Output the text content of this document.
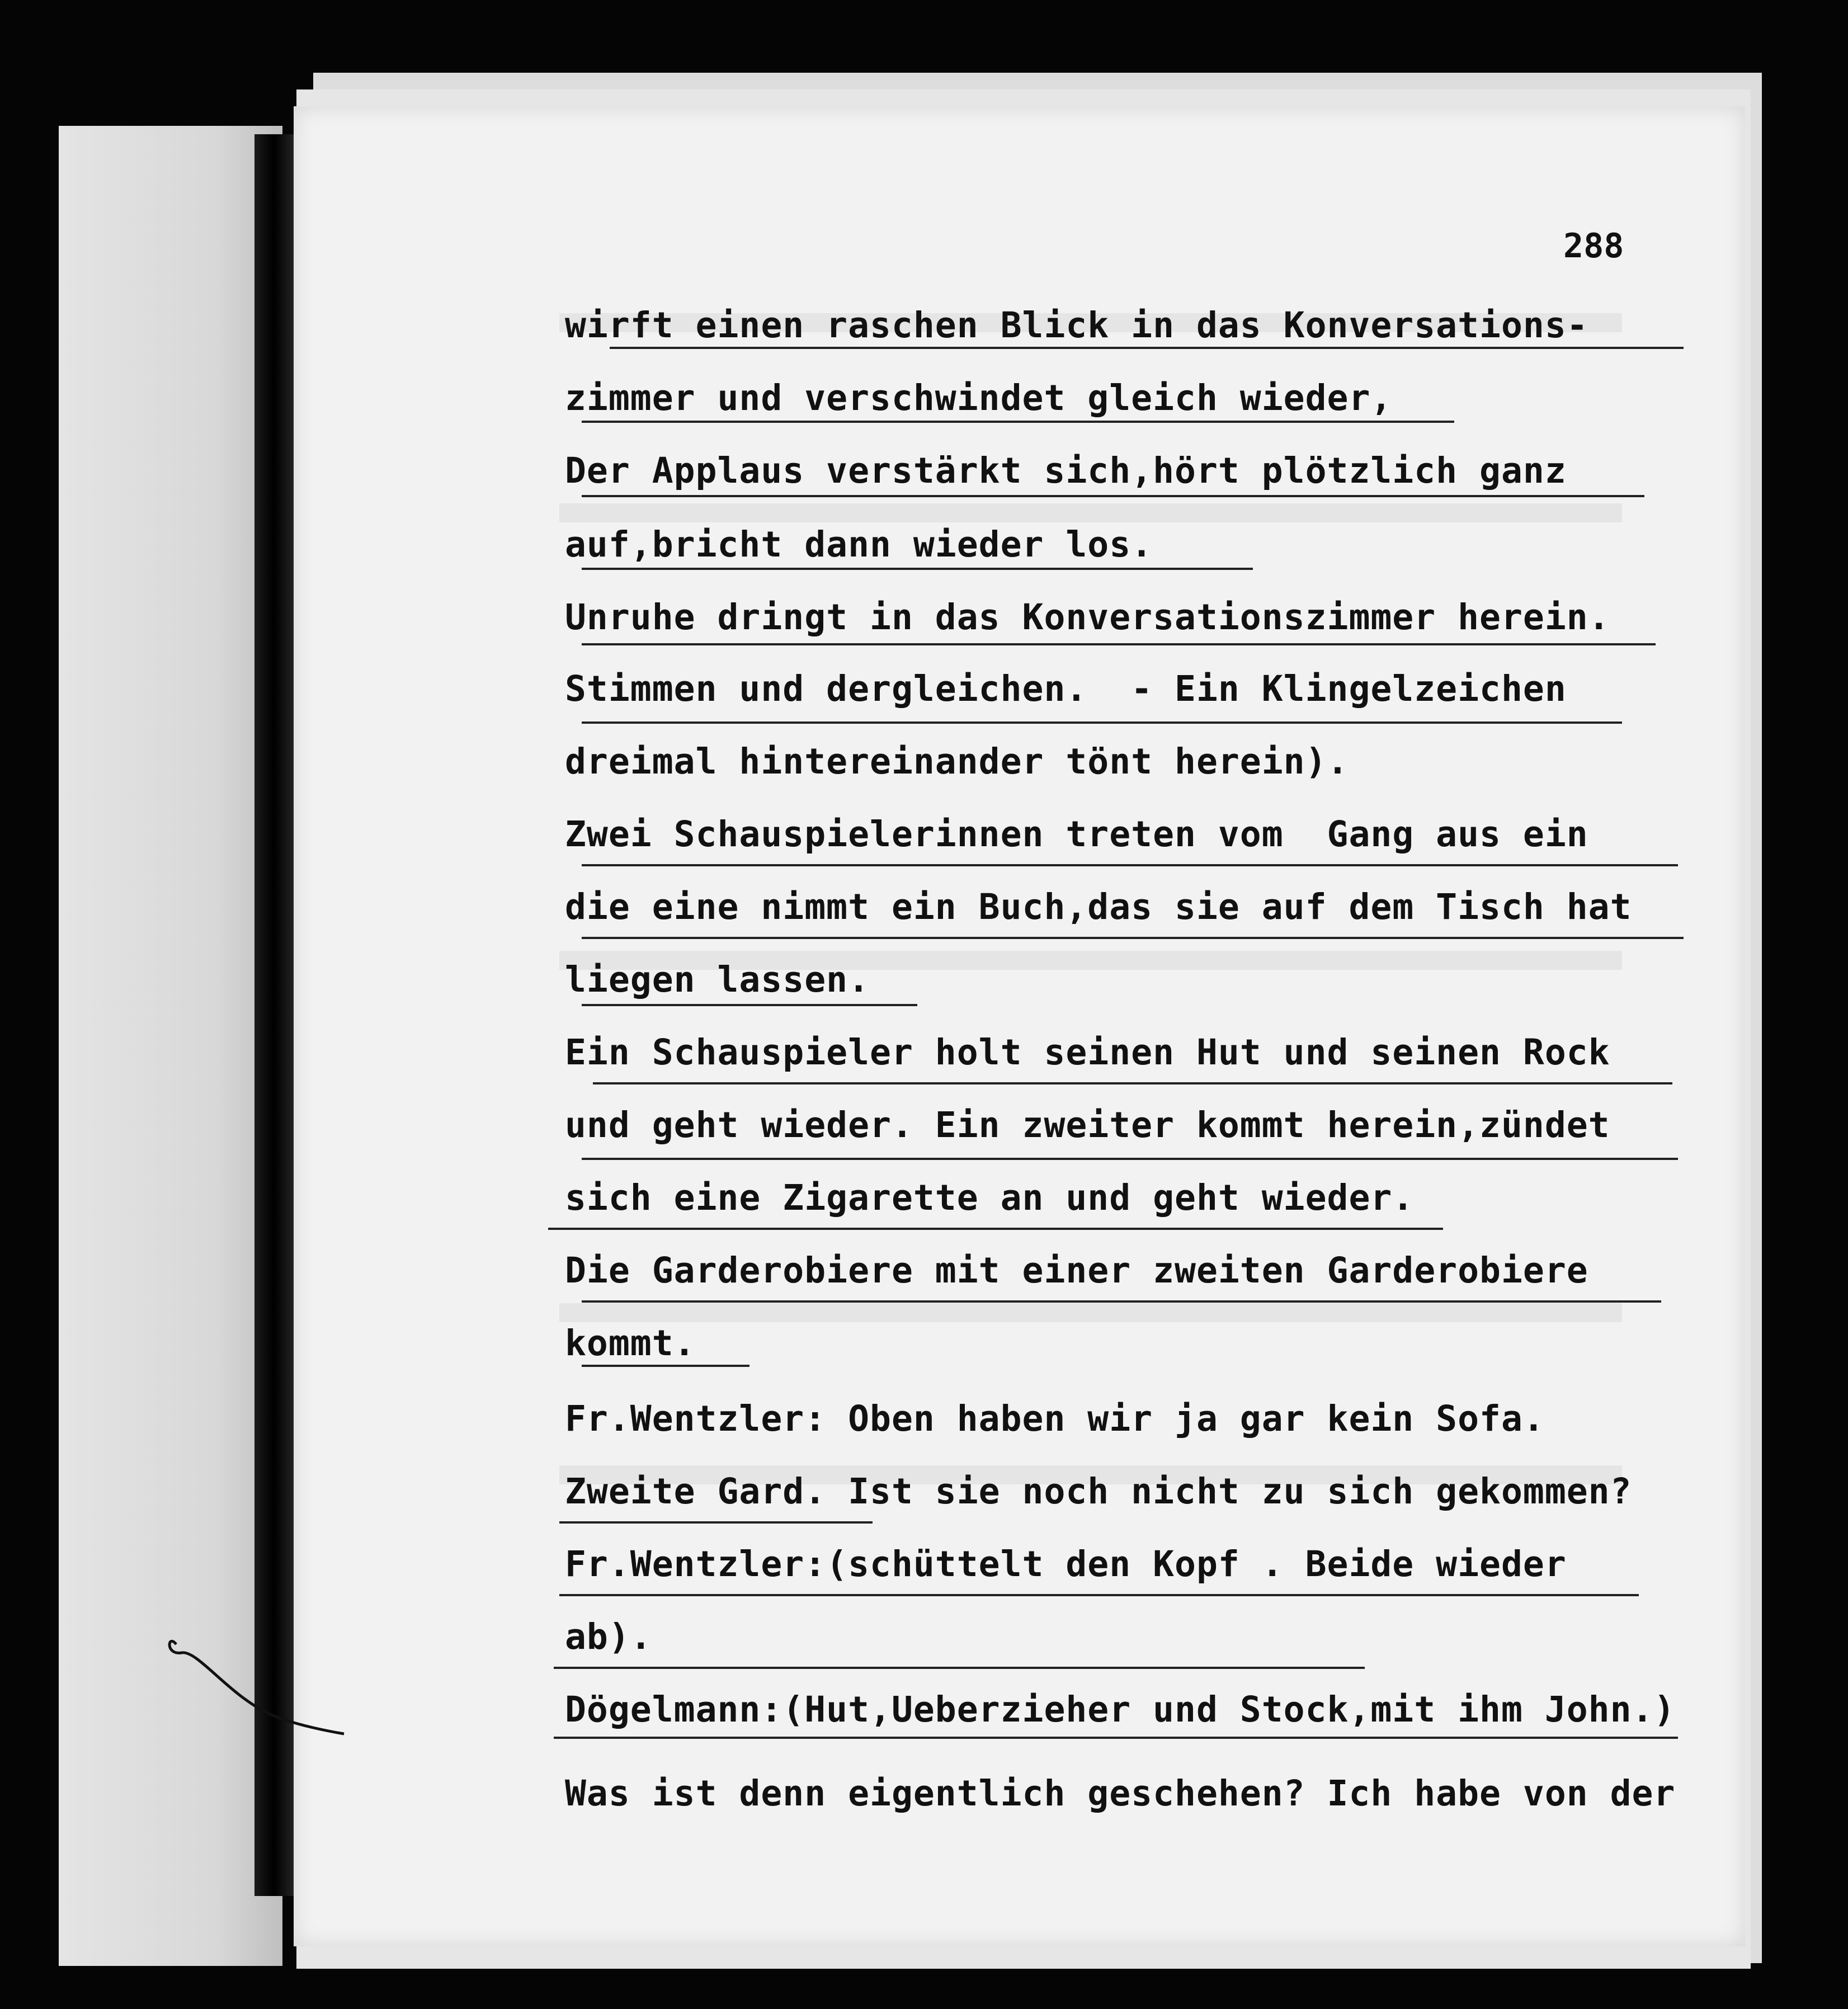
288
wirft einen raschen Blick in das Konversations-
zimmer und verschwindet gleich wieder,
Der Applaus verstärkt sich,hört plötzlich ganz
auf,bricht dann wieder los.
Unruhe dringt in das Konversationszimmer herein.
Stimmen und dergleichen.  - Ein Klingelzeichen
dreimal hintereinander tönt herein).
Zwei Schauspielerinnen treten vom  Gang aus ein
die eine nimmt ein Buch,das sie auf dem Tisch hat
liegen lassen.
Ein Schauspieler holt seinen Hut und seinen Rock
und geht wieder. Ein zweiter kommt herein,zündet
sich eine Zigarette an und geht wieder.
Die Garderobiere mit einer zweiten Garderobiere
kommt.
Fr.Wentzler: Oben haben wir ja gar kein Sofa.
Zweite Gard. Ist sie noch nicht zu sich gekommen?
Fr.Wentzler:(schüttelt den Kopf . Beide wieder
ab).
Dögelmann:(Hut,Ueberzieher und Stock,mit ihm John.)
Was ist denn eigentlich geschehen? Ich habe von der
